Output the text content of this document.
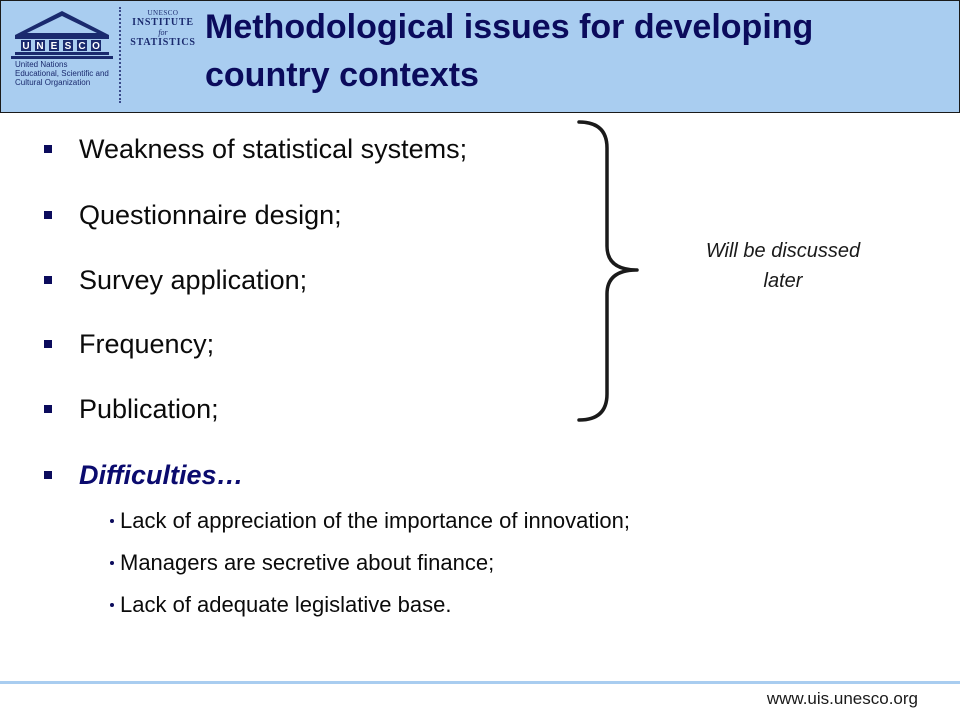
U N E S C O
United Nations
Educational, Scientific and
Cultural Organization
UNESCO
INSTITUTE
for
STATISTICS Methodological issues for developing
country contexts
Weakness of statistical systems;
Questionnaire design;
Survey application;
Frequency;
Publication;
Difficulties…
Lack of appreciation of the importance of innovation;
Managers are secretive about finance;
Lack of adequate legislative base.
Will be discussed
later
www.uis.unesco.org
